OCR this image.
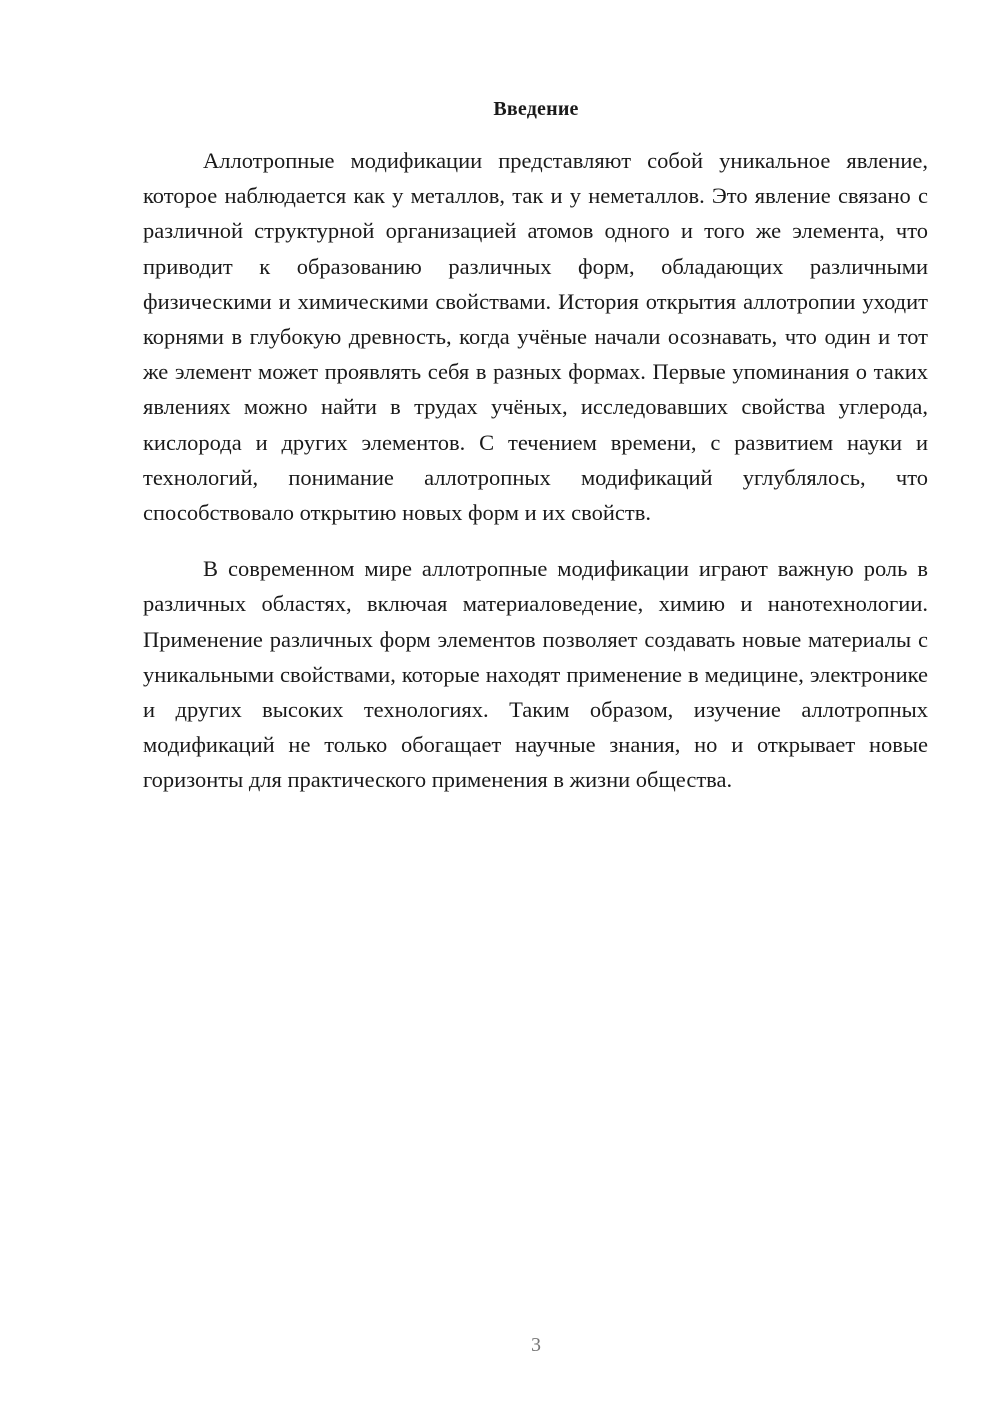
Введение

Аллотропные модификации представляют собой уникальное явление, которое наблюдается как у металлов, так и у неметаллов. Это явление связано с различной структурной организацией атомов одного и того же элемента, что приводит к образованию различных форм, обладающих различными физическими и химическими свойствами. История открытия аллотропии уходит корнями в глубокую древность, когда учёные начали осознавать, что один и тот же элемент может проявлять себя в разных формах. Первые упоминания о таких явлениях можно найти в трудах учёных, исследовавших свойства углерода, кислорода и других элементов. С течением времени, с развитием науки и технологий, понимание аллотропных модификаций углублялось, что способствовало открытию новых форм и их свойств.

В современном мире аллотропные модификации играют важную роль в различных областях, включая материаловедение, химию и нанотехнологии. Применение различных форм элементов позволяет создавать новые материалы с уникальными свойствами, которые находят применение в медицине, электронике и других высоких технологиях. Таким образом, изучение аллотропных модификаций не только обогащает научные знания, но и открывает новые горизонты для практического применения в жизни общества.

3
